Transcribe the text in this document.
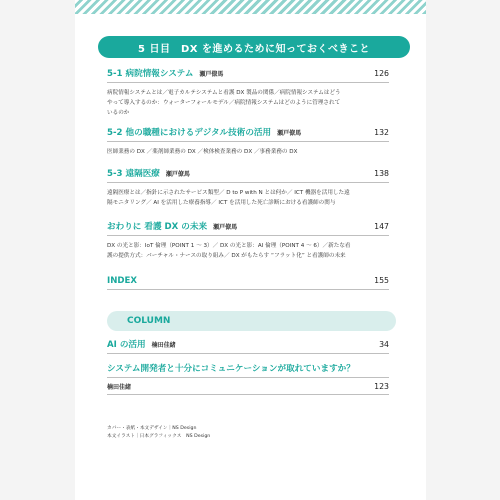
5 日目　DX を進めるために知っておくべきこと
5-1 病院情報システム 瀬戸僚馬	126

病院情報システムとは／電子カルテシステムと看護 DX 製品の関係／病院情報システムはどう

やって導入するのか：ウォーターフォールモデル／病院情報システムはどのように管理されて

いるのか

5-2 他の職種におけるデジタル技術の活用 瀬戸僚馬	132

医師業務の DX ／薬剤師業務の DX ／検体検査業務の DX ／事務業務の DX

5-3 遠隔医療 瀬戸僚馬	138

遠隔医療とは／指針に示されたサービス類型／ D to P with N とは何か／ ICT 機器を活用した遠

隔モニタリング／ AI を活用した療養指導／ ICT を活用した死亡診断における看護師の関与

おわりに 看護 DX の未来 瀬戸僚馬	147

DX の光と影：IoT 倫理（POINT 1 〜 3）／ DX の光と影：AI 倫理（POINT 4 〜 6）／新たな看

護の提供方式：バーチャル・ナースの取り組み／ DX がもたらす “フラット化” と看護師の未来

INDEX	155
COLUMN
AI の活用 楠田佳緒	34
システム開発者と十分にコミュニケーションが取れていますか？
楠田佳緒	123

カバー・表紙・本文デザイン｜NS Design

本文イラスト｜日本グラフィックス　NS Design
